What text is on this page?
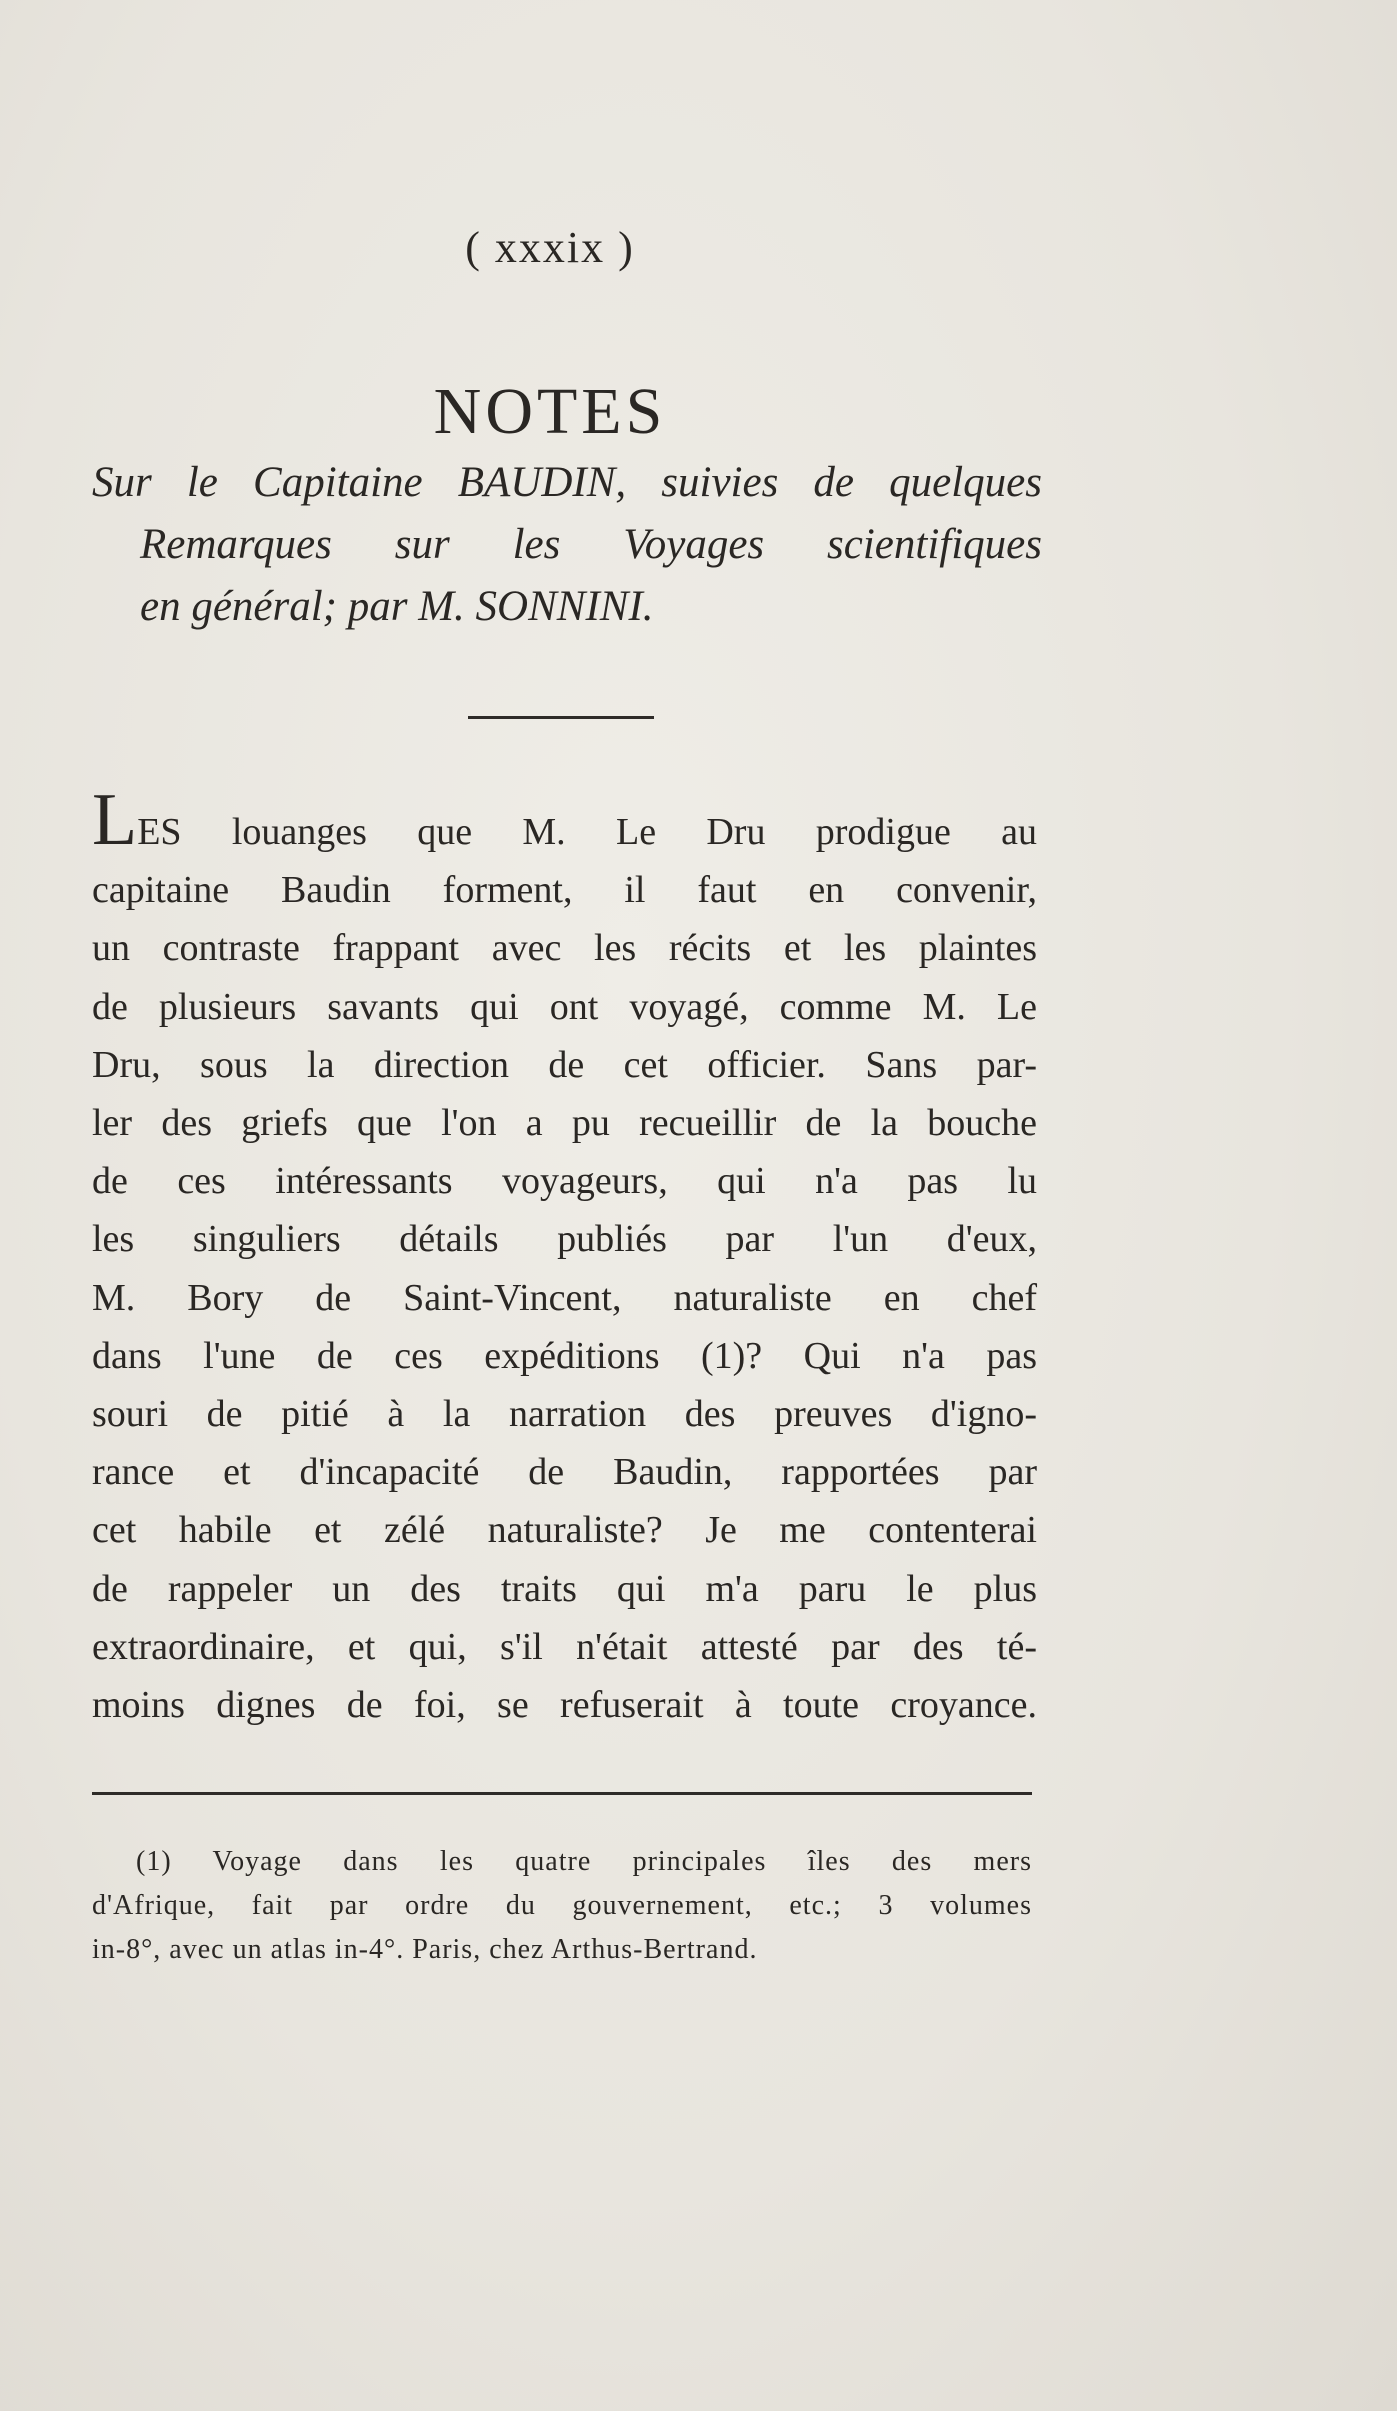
( xxxix )
NOTES
Sur le Capitaine BAUDIN, suivies de quelques
Remarques sur les Voyages scientifiques
en général; par M. SONNINI.
LES louanges que M. Le Dru prodigue au
capitaine Baudin forment, il faut en convenir,
un contraste frappant avec les récits et les plaintes
de plusieurs savants qui ont voyagé, comme M. Le
Dru, sous la direction de cet officier. Sans par-
ler des griefs que l'on a pu recueillir de la bouche
de ces intéressants voyageurs, qui n'a pas lu
les singuliers détails publiés par l'un d'eux,
M. Bory de Saint-Vincent, naturaliste en chef
dans l'une de ces expéditions (1)? Qui n'a pas
souri de pitié à la narration des preuves d'igno-
rance et d'incapacité de Baudin, rapportées par
cet habile et zélé naturaliste? Je me contenterai
de rappeler un des traits qui m'a paru le plus
extraordinaire, et qui, s'il n'était attesté par des té-
moins dignes de foi, se refuserait à toute croyance.
(1) Voyage dans les quatre principales îles des mers
d'Afrique, fait par ordre du gouvernement, etc.; 3 volumes
in-8°, avec un atlas in-4°. Paris, chez Arthus-Bertrand.
